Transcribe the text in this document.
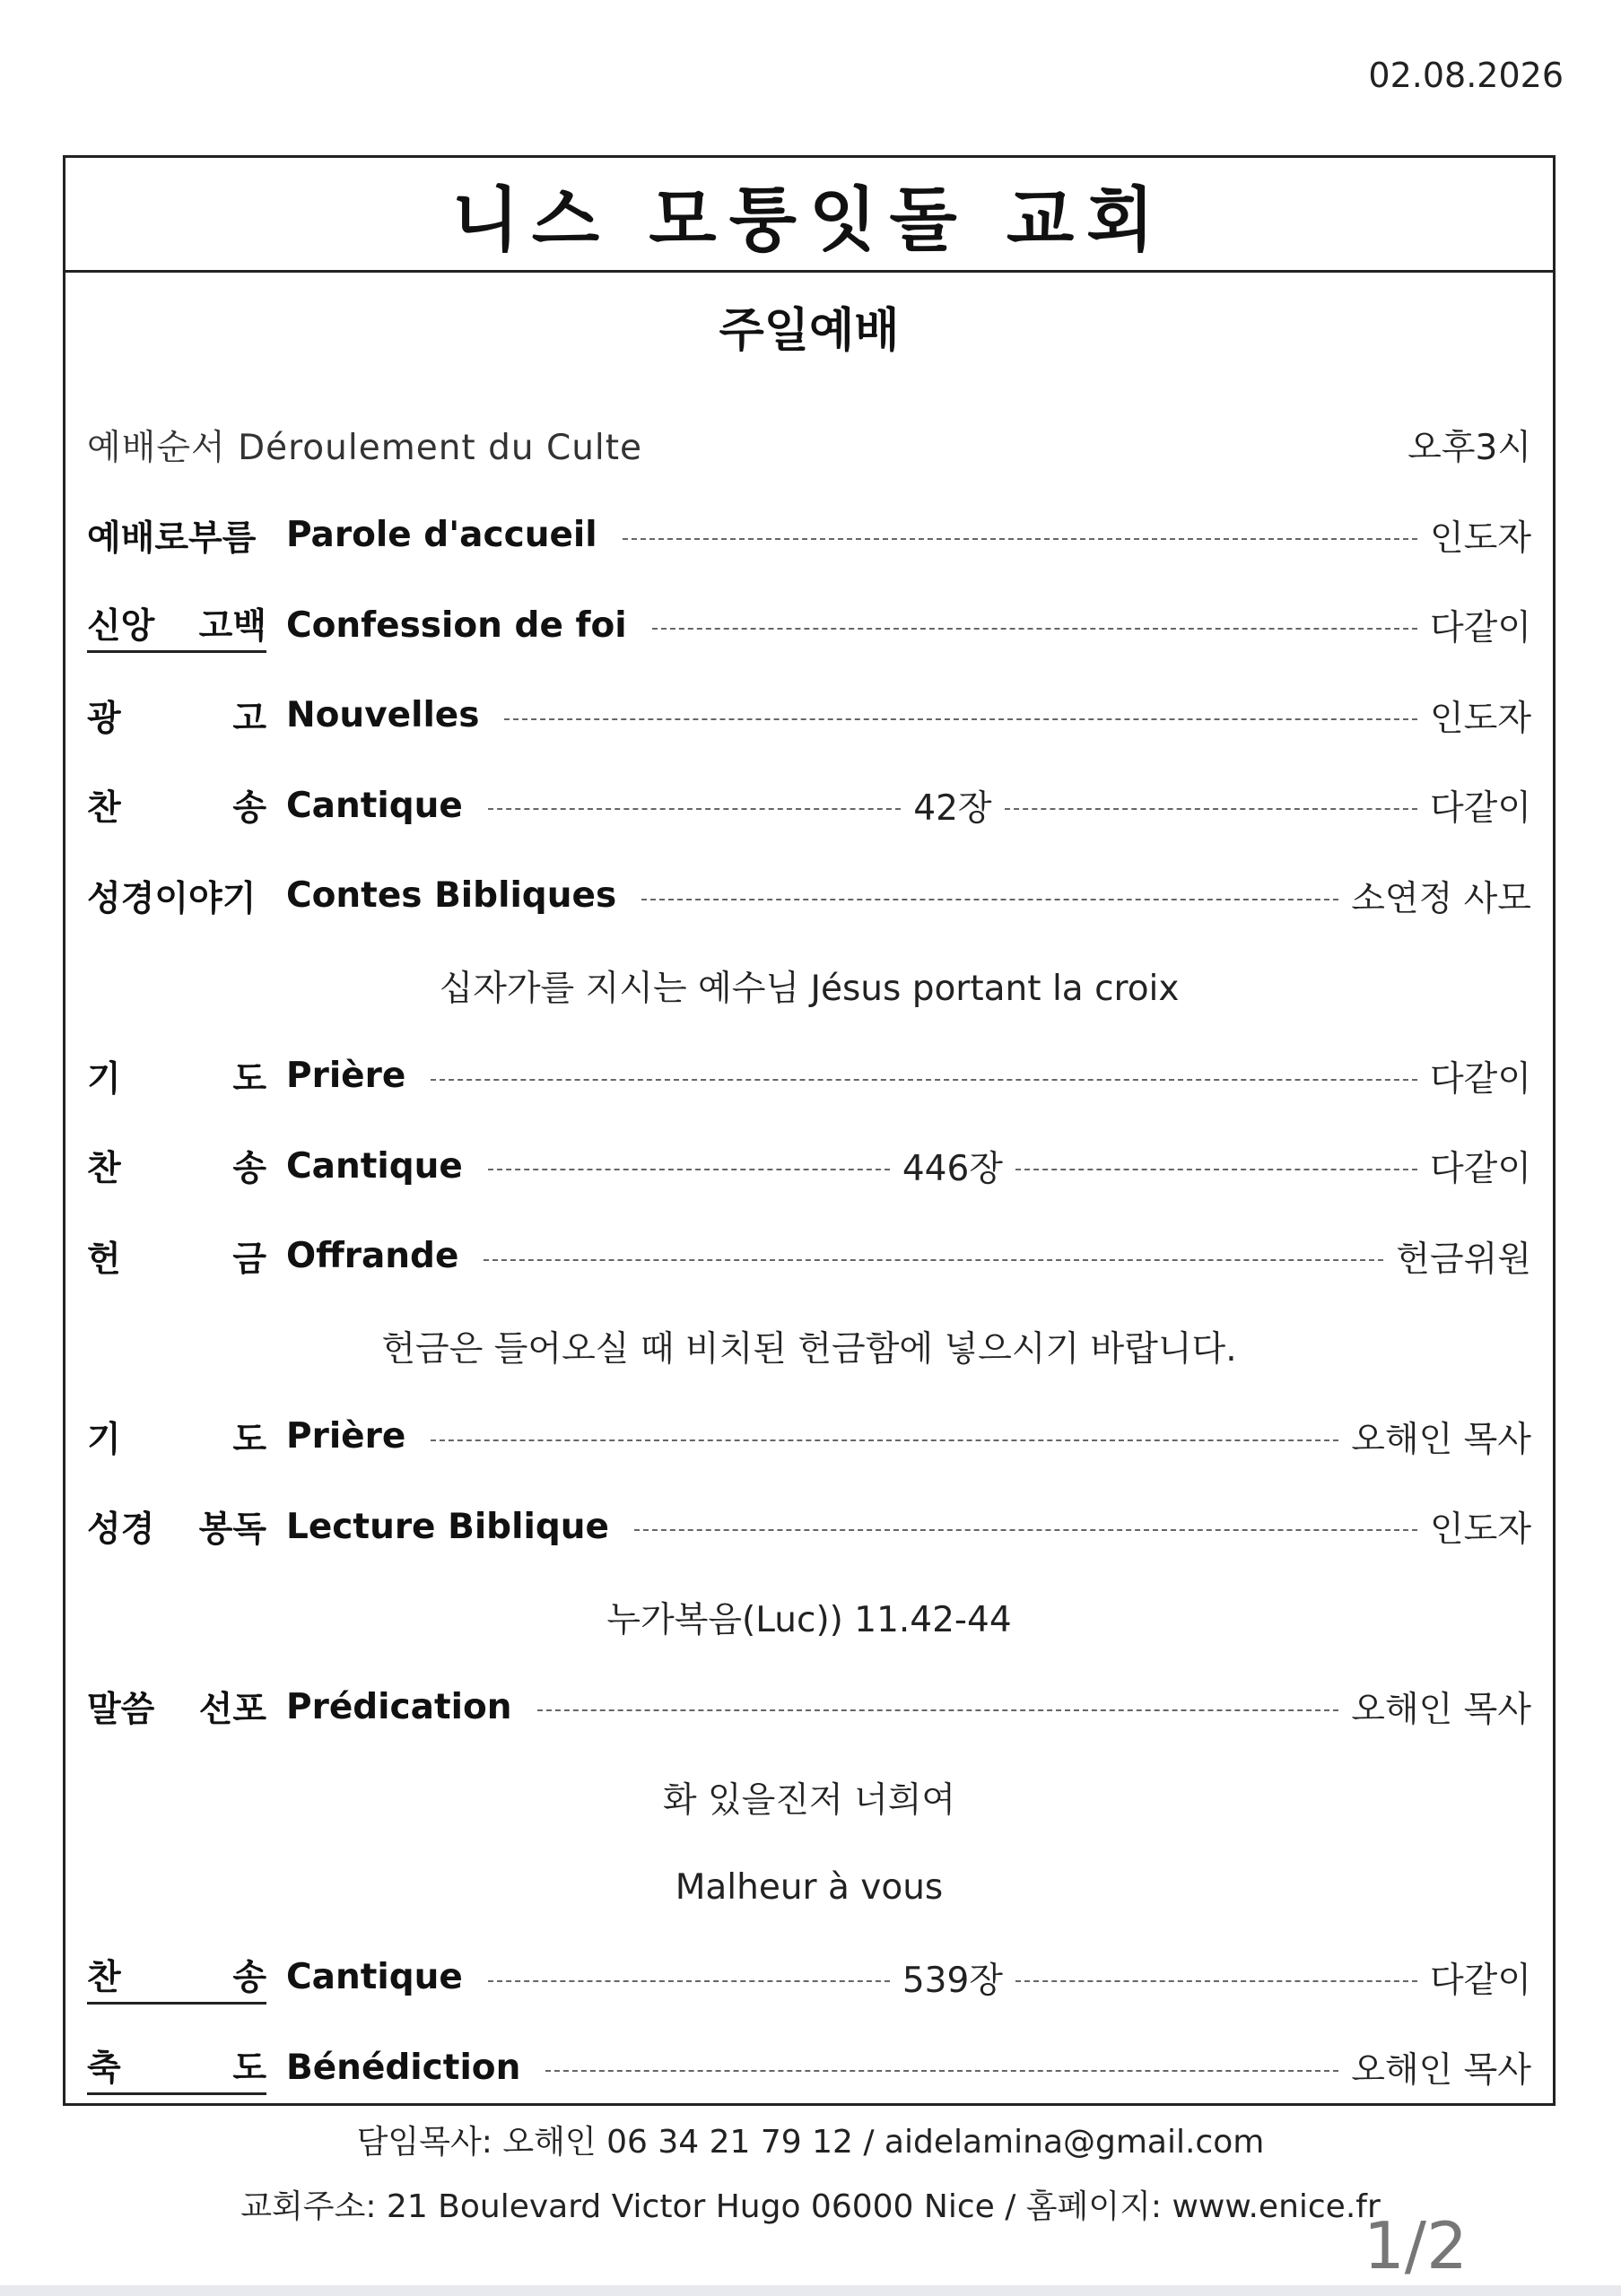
02.08.2026
니스 모퉁잇돌 교회
주일예배
예배순서 Déroulement du Culte	오후3시
예배로부름 Parole d'accueil	인도자
신앙 고백 Confession de foi	다같이
광	고 Nouvelles	인도자
찬	송 Cantique	42장	다같이
성경이야기 Contes Bibliques	소연정 사모
십자가를 지시는 예수님 Jésus portant la croix
기	도 Prière	다같이
찬	송 Cantique	446장	다같이
헌	금 Offrande	헌금위원
헌금은 들어오실 때 비치된 헌금함에 넣으시기 바랍니다.
기	도 Prière	오해인 목사
성경 봉독 Lecture Biblique	인도자
누가복음(Luc)) 11.42-44
말씀 선포 Prédication	오해인 목사
화 있을진저 너희여
Malheur à vous
찬	송 Cantique	539장	다같이
축	도 Bénédiction	오해인 목사
담임목사: 오해인 06 34 21 79 12 / aidelamina@gmail.com
교회주소: 21 Boulevard Victor Hugo 06000 Nice / 홈페이지: www.enice.fr
1/2
